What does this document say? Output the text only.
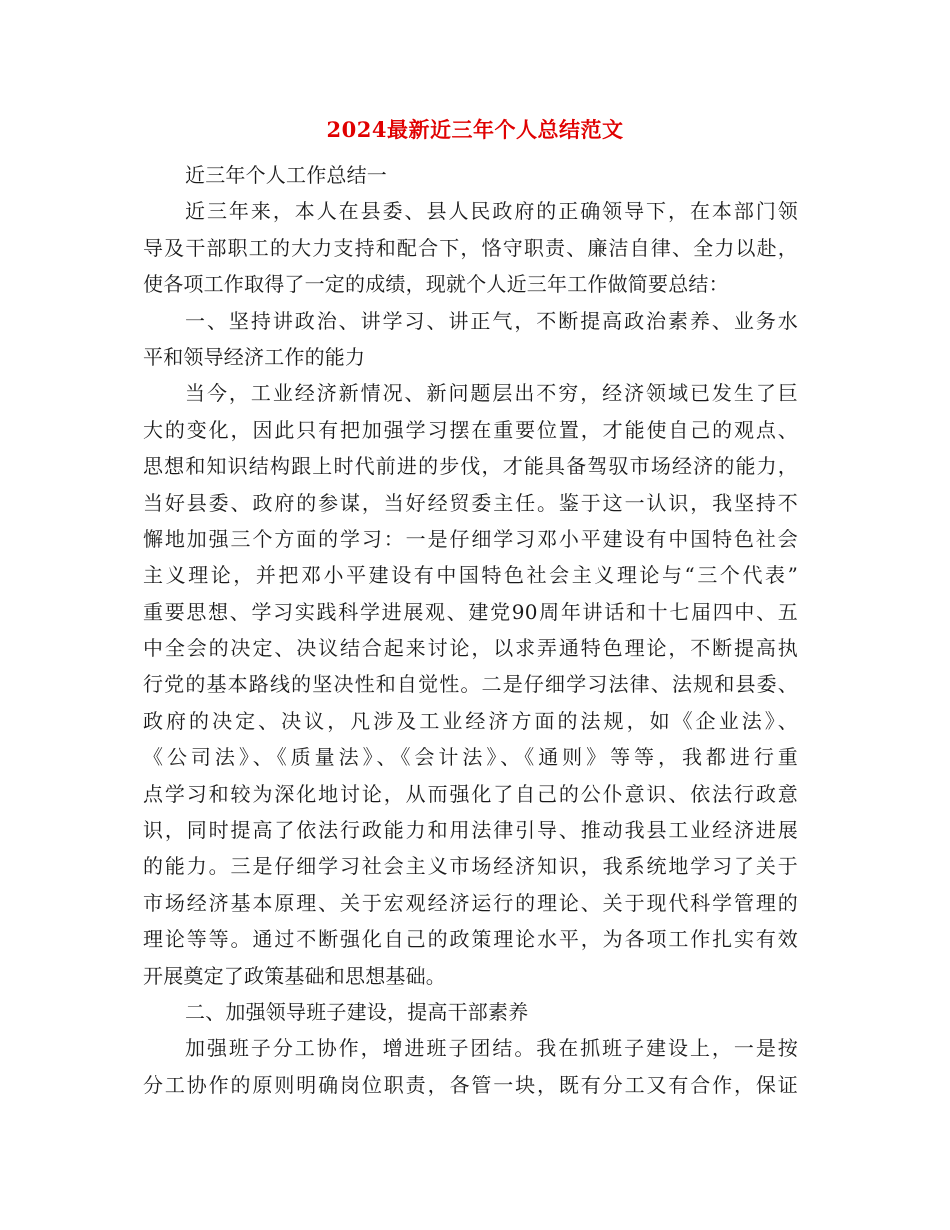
2024最新近三年个人总结范文
近三年个人工作总结一
近三年来，本人在县委、县人民政府的正确领导下，在本部门领
导及干部职工的大力支持和配合下，恪守职责、廉洁自律、全力以赴，
使各项工作取得了一定的成绩，现就个人近三年工作做简要总结：
一、坚持讲政治、讲学习、讲正气，不断提高政治素养、业务水
平和领导经济工作的能力
当今，工业经济新情况、新问题层出不穷，经济领域已发生了巨
大的变化，因此只有把加强学习摆在重要位置，才能使自己的观点、
思想和知识结构跟上时代前进的步伐，才能具备驾驭市场经济的能力，
当好县委、政府的参谋，当好经贸委主任。鉴于这一认识，我坚持不
懈地加强三个方面的学习：一是仔细学习邓小平建设有中国特色社会
主义理论，并把邓小平建设有中国特色社会主义理论与“三个代表”
重要思想、学习实践科学进展观、建党90周年讲话和十七届四中、五
中全会的决定、决议结合起来讨论，以求弄通特色理论，不断提高执
行党的基本路线的坚决性和自觉性。二是仔细学习法律、法规和县委、
政府的决定、决议，凡涉及工业经济方面的法规，如《企业法》、
《公司法》、《质量法》、《会计法》、《通则》等等，我都进行重
点学习和较为深化地讨论，从而强化了自己的公仆意识、依法行政意
识，同时提高了依法行政能力和用法律引导、推动我县工业经济进展
的能力。三是仔细学习社会主义市场经济知识，我系统地学习了关于
市场经济基本原理、关于宏观经济运行的理论、关于现代科学管理的
理论等等。通过不断强化自己的政策理论水平，为各项工作扎实有效
开展奠定了政策基础和思想基础。
二、加强领导班子建设，提高干部素养
加强班子分工协作，增进班子团结。我在抓班子建设上，一是按
分工协作的原则明确岗位职责，各管一块，既有分工又有合作，保证
